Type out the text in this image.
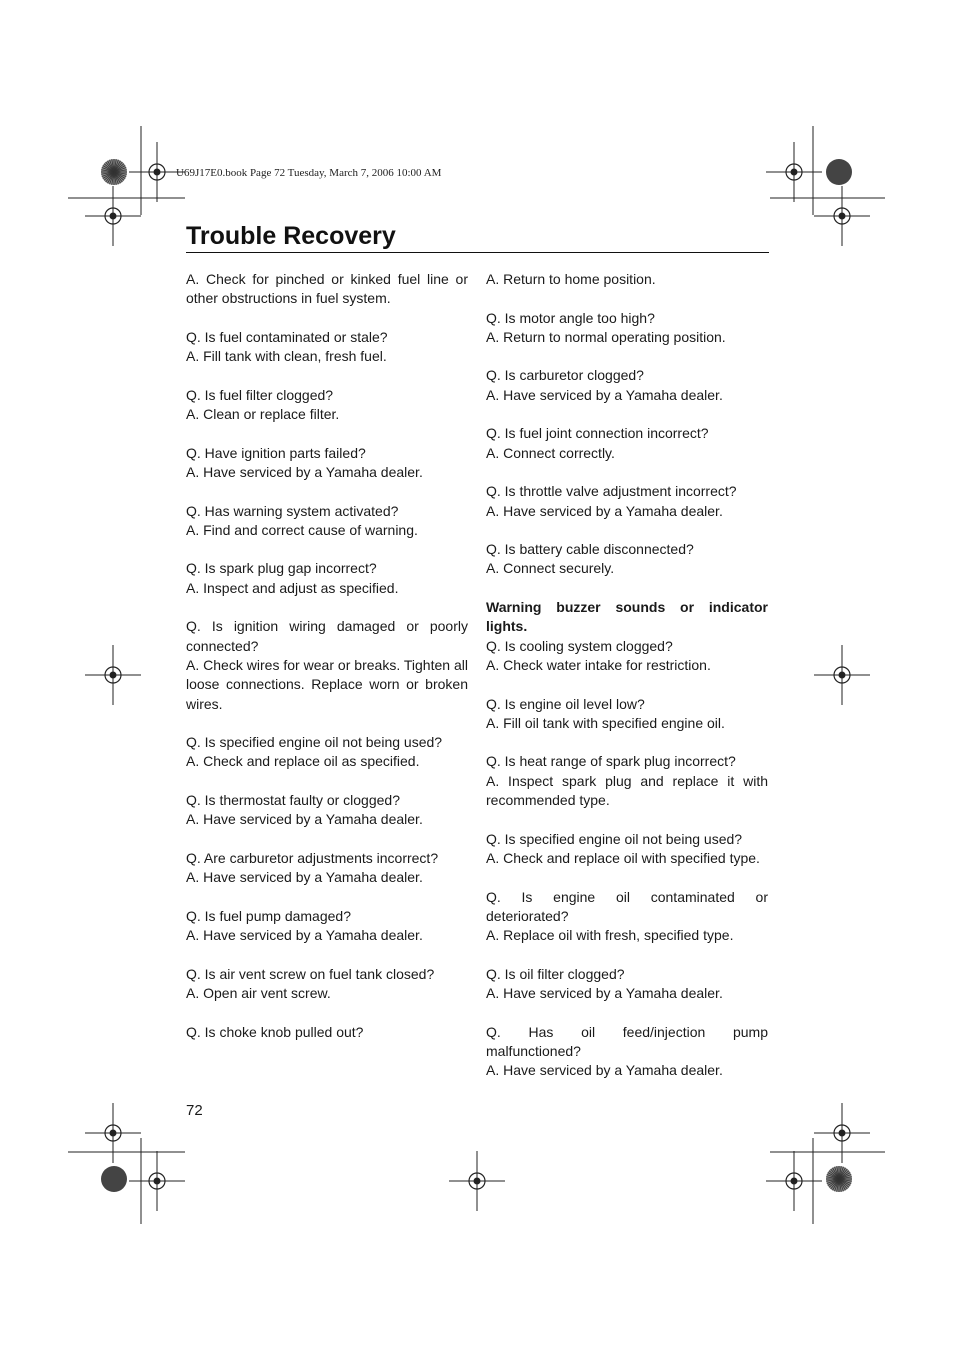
U69J17E0.book Page 72 Tuesday, March 7, 2006 10:00 AM
Trouble Recovery

A. Check for pinched or kinked fuel line or other obstructions in fuel system.

Q. Is fuel contaminated or stale?
A. Fill tank with clean, fresh fuel.

Q. Is fuel filter clogged?
A. Clean or replace filter.

Q. Have ignition parts failed?
A. Have serviced by a Yamaha dealer.

Q. Has warning system activated?
A. Find and correct cause of warning.

Q. Is spark plug gap incorrect?
A. Inspect and adjust as specified.

Q. Is ignition wiring damaged or poorly connected?
A. Check wires for wear or breaks. Tighten all loose connections. Replace worn or broken wires.

Q. Is specified engine oil not being used?
A. Check and replace oil as specified.

Q. Is thermostat faulty or clogged?
A. Have serviced by a Yamaha dealer.

Q. Are carburetor adjustments incorrect?
A. Have serviced by a Yamaha dealer.

Q. Is fuel pump damaged?
A. Have serviced by a Yamaha dealer.

Q. Is air vent screw on fuel tank closed?
A. Open air vent screw.

Q. Is choke knob pulled out?

A. Return to home position.

Q. Is motor angle too high?
A. Return to normal operating position.

Q. Is carburetor clogged?
A. Have serviced by a Yamaha dealer.

Q. Is fuel joint connection incorrect?
A. Connect correctly.

Q. Is throttle valve adjustment incorrect?
A. Have serviced by a Yamaha dealer.

Q. Is battery cable disconnected?
A. Connect securely.

Warning buzzer sounds or indicator lights.
Q. Is cooling system clogged?
A. Check water intake for restriction.

Q. Is engine oil level low?
A. Fill oil tank with specified engine oil.

Q. Is heat range of spark plug incorrect?
A. Inspect spark plug and replace it with recommended type.

Q. Is specified engine oil not being used?
A. Check and replace oil with specified type.

Q. Is engine oil contaminated or deteriorated?
A. Replace oil with fresh, specified type.

Q. Is oil filter clogged?
A. Have serviced by a Yamaha dealer.

Q. Has oil feed/injection pump malfunctioned?
A. Have serviced by a Yamaha dealer.

72
